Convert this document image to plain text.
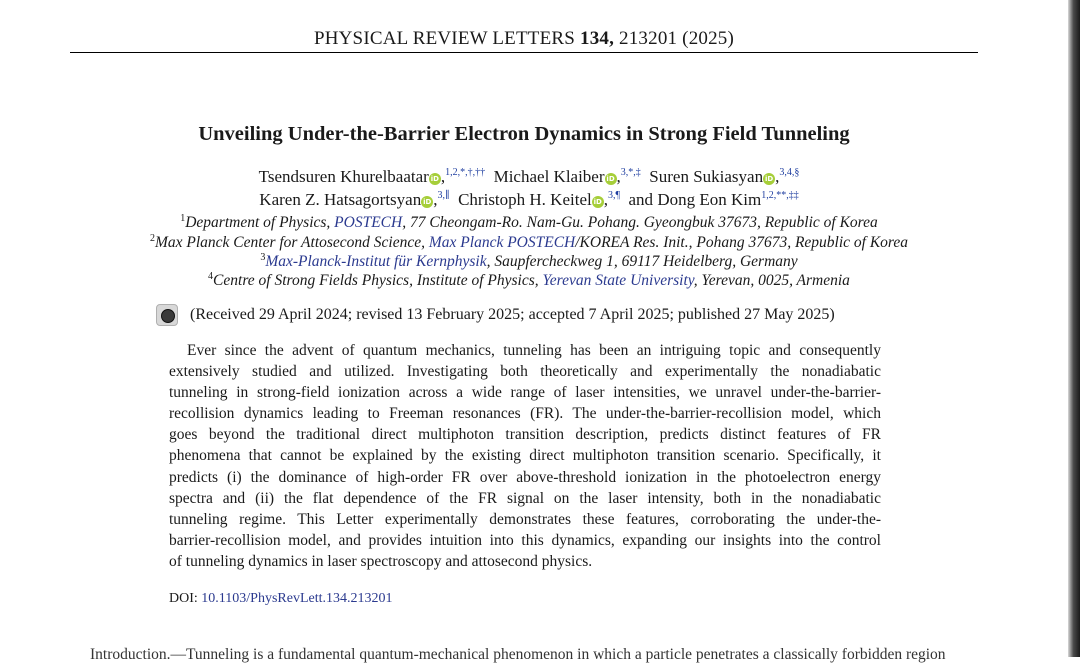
PHYSICAL REVIEW LETTERS 134, 213201 (2025)
Unveiling Under-the-Barrier Electron Dynamics in Strong Field Tunneling
Tsendsuren Khurelbaatar iD ,$^{1,2,*,\dagger,\dagger\dagger}$ Michael Klaiber iD ,$^{3,*,\ddagger}$ Suren Sukiasyan iD ,$^{3,4,\S}$
Karen Z. Hatsagortsyan iD ,$^{3,\parallel}$ Christoph H. Keitel iD ,$^{3,\P}$ and Dong Eon Kim$^{1,2,**,\ddagger\ddagger}$
$^1$Department of Physics, POSTECH, 77 Cheongam-Ro. Nam-Gu. Pohang. Gyeongbuk 37673, Republic of Korea
$^2$Max Planck Center for Attosecond Science, Max Planck POSTECH/KOREA Res. Init., Pohang 37673, Republic of Korea
$^3$Max-Planck-Institut für Kernphysik, Saupfercheckweg 1, 69117 Heidelberg, Germany
$^4$Centre of Strong Fields Physics, Institute of Physics, Yerevan State University, Yerevan, 0025, Armenia
(Received 29 April 2024; revised 13 February 2025; accepted 7 April 2025; published 27 May 2025)
Ever since the advent of quantum mechanics, tunneling has been an intriguing topic and consequently
extensively studied and utilized. Investigating both theoretically and experimentally the nonadiabatic
tunneling in strong-field ionization across a wide range of laser intensities, we unravel under-the-barrier-
recollision dynamics leading to Freeman resonances (FR). The under-the-barrier-recollision model, which
goes beyond the traditional direct multiphoton transition description, predicts distinct features of FR
phenomena that cannot be explained by the existing direct multiphoton transition scenario. Specifically, it
predicts (i) the dominance of high-order FR over above-threshold ionization in the photoelectron energy
spectra and (ii) the flat dependence of the FR signal on the laser intensity, both in the nonadiabatic
tunneling regime. This Letter experimentally demonstrates these features, corroborating the under-the-
barrier-recollision model, and provides intuition into this dynamics, expanding our insights into the control
of tunneling dynamics in laser spectroscopy and attosecond physics.
DOI: 10.1103/PhysRevLett.134.213201
Introduction.—Tunneling is a fundamental quantum-mechanical phenomenon in which a particle penetrates a classically forbidden region
